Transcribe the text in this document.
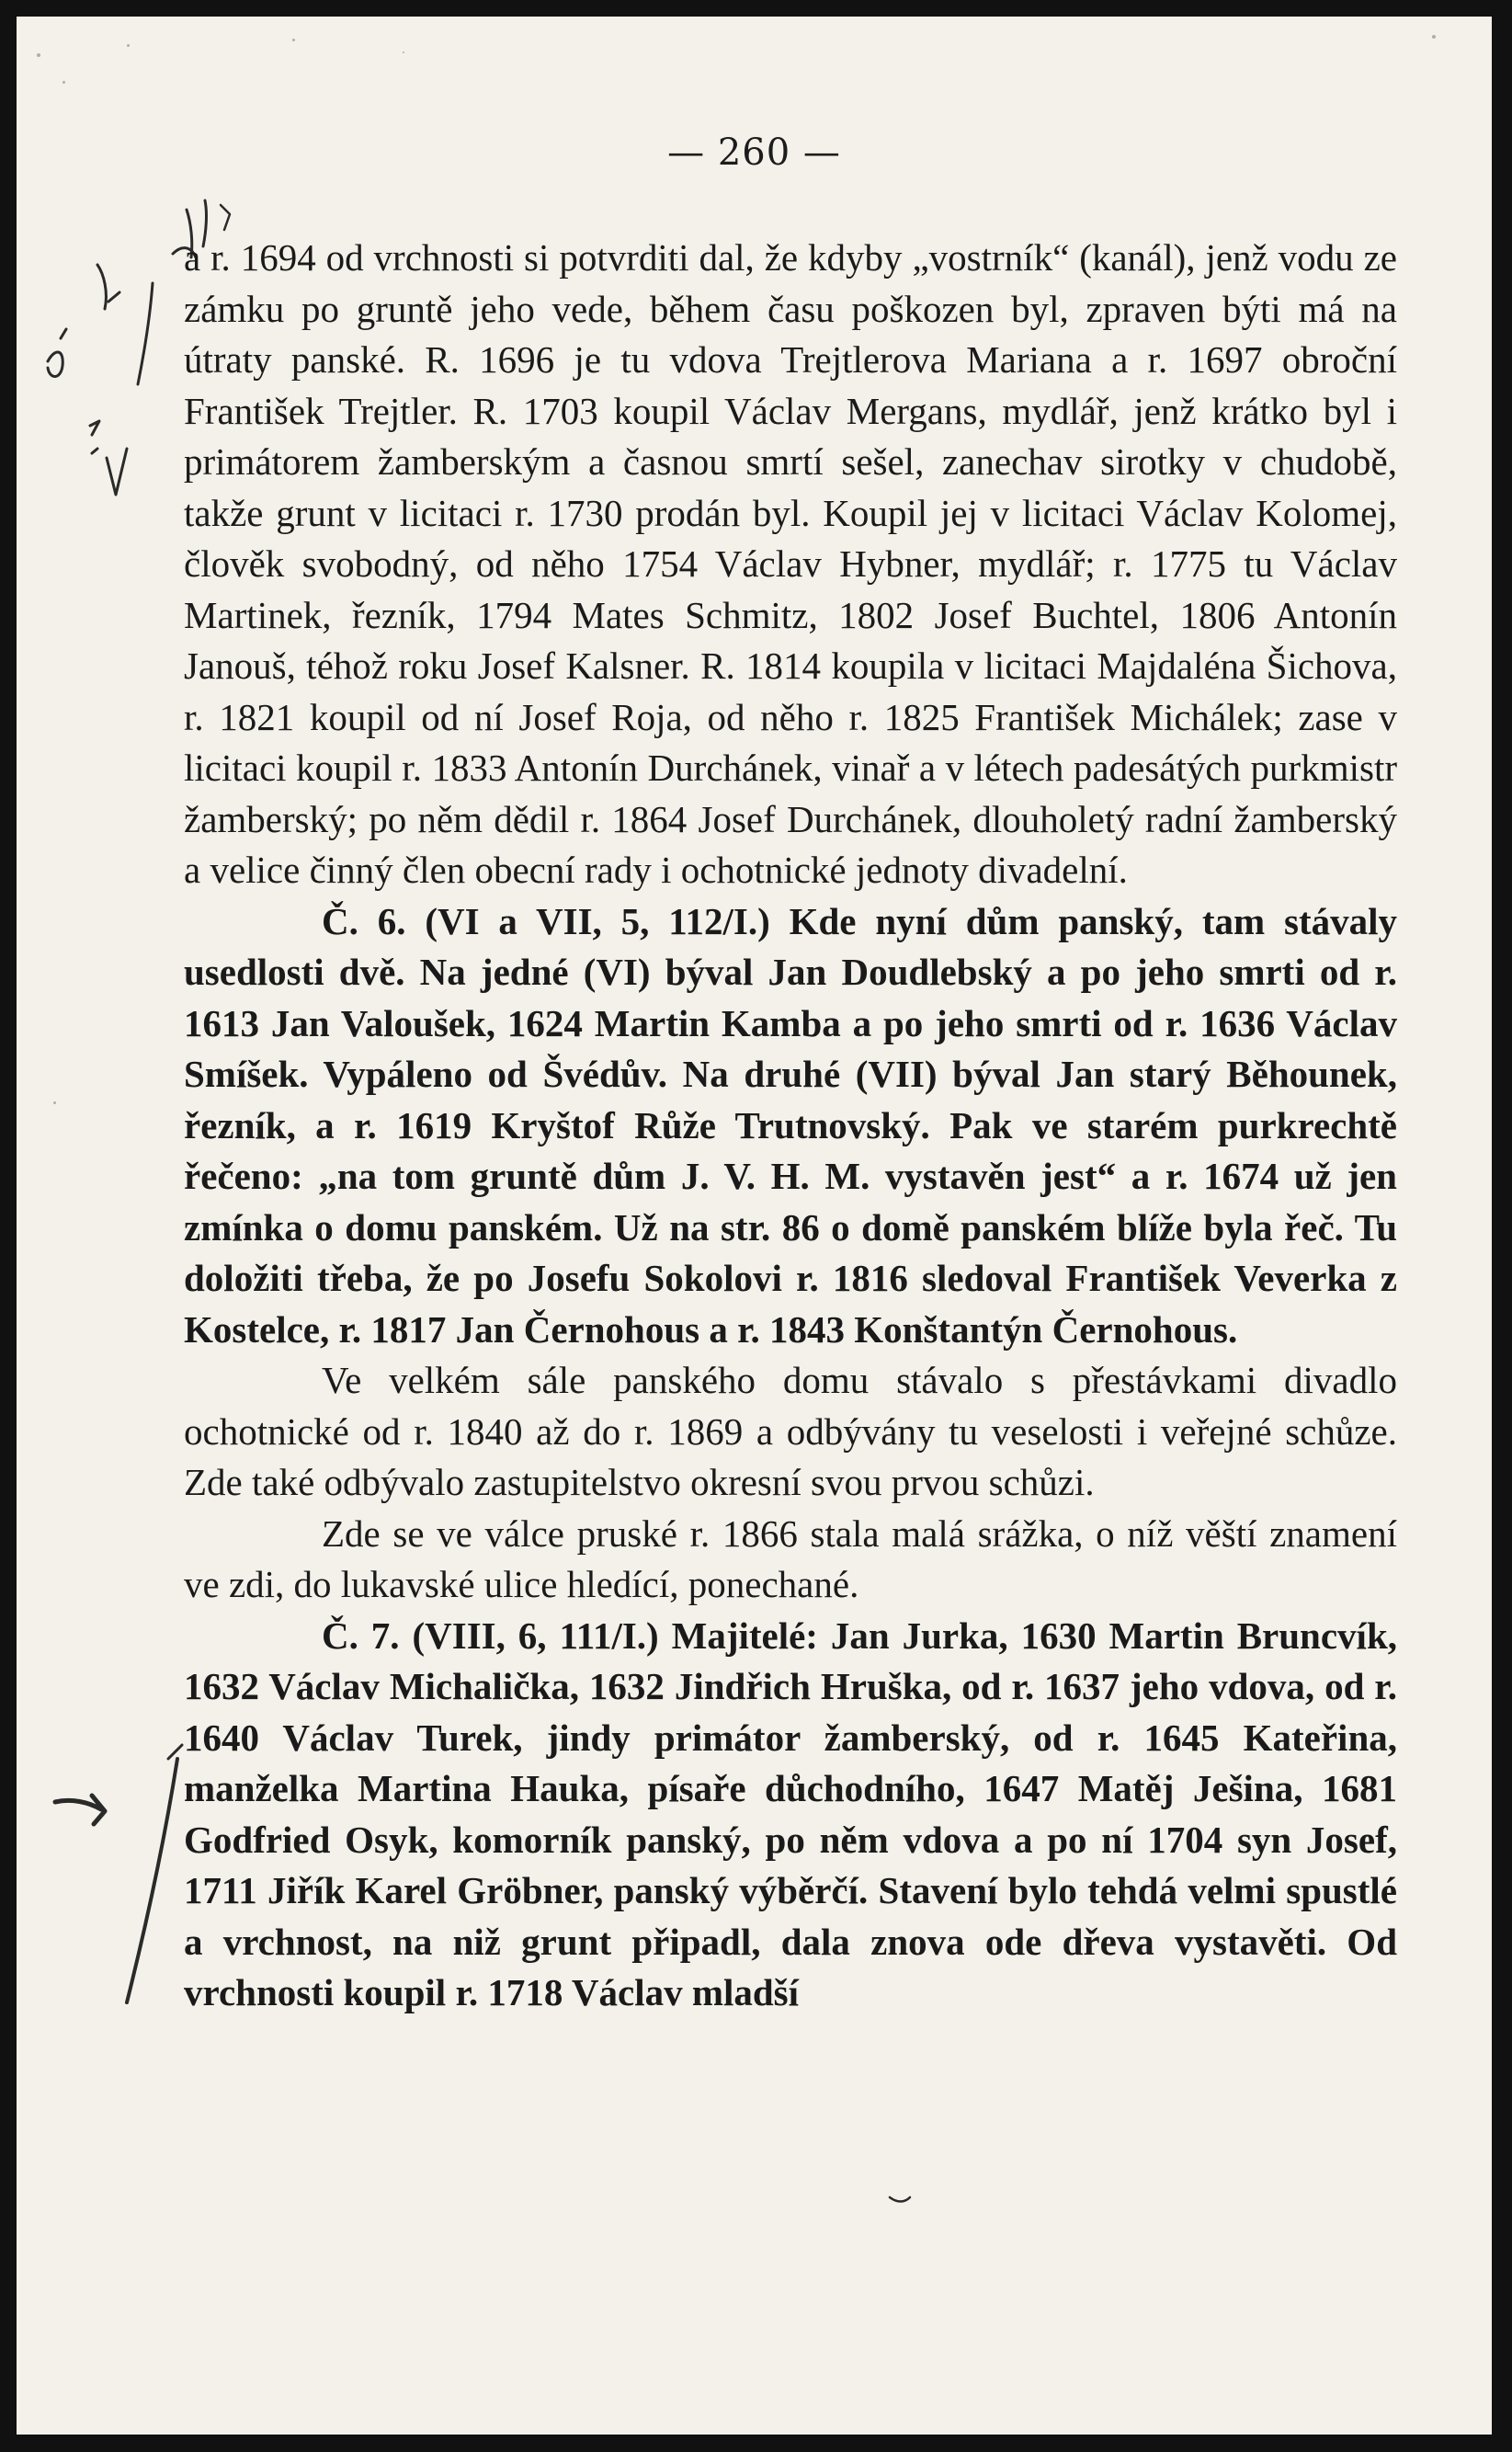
— 260 —

a r. 1694 od vrchnosti si potvrditi dal, že kdyby „vostrník“ (kanál), jenž vodu ze zámku po gruntě jeho vede, během času poškozen byl, zpraven býti má na útraty panské. R. 1696 je tu vdova Trejtlerova Mariana a r. 1697 obroční František Trejtler. R. 1703 koupil Václav Mergans, mydlář, jenž krátko byl i primátorem žamberským a časnou smrtí sešel, zanechav sirotky v chudobě, takže grunt v licitaci r. 1730 prodán byl. Koupil jej v licitaci Václav Kolomej, člověk svobodný, od něho 1754 Václav Hybner, mydlář; r. 1775 tu Václav Martinek, řezník, 1794 Mates Schmitz, 1802 Josef Buchtel, 1806 Antonín Janouš, téhož roku Josef Kalsner. R. 1814 koupila v licitaci Majdaléna Šichova, r. 1821 koupil od ní Josef Roja, od něho r. 1825 František Michálek; zase v licitaci koupil r. 1833 Antonín Durchánek, vinař a v létech padesátých purkmistr žamberský; po něm dědil r. 1864 Josef Durchánek, dlouholetý radní žamberský a velice činný člen obecní rady i ochotnické jednoty divadelní.

Č. 6. (VI a VII, 5, 112/I.) Kde nyní dům panský, tam stávaly usedlosti dvě. Na jedné (VI) býval Jan Doudlebský a po jeho smrti od r. 1613 Jan Valoušek, 1624 Martin Kamba a po jeho smrti od r. 1636 Václav Smíšek. Vypáleno od Švédův. Na druhé (VII) býval Jan starý Běhounek, řezník, a r. 1619 Kryštof Růže Trutnovský. Pak ve starém purkrechtě řečeno: „na tom gruntě dům J. V. H. M. vystavěn jest“ a r. 1674 už jen zmínka o domu panském. Už na str. 86 o domě panském blíže byla řeč. Tu doložiti třeba, že po Josefu Sokolovi r. 1816 sledoval František Veverka z Kostelce, r. 1817 Jan Černohous a r. 1843 Konštantýn Černohous.

Ve velkém sále panského domu stávalo s přestávkami divadlo ochotnické od r. 1840 až do r. 1869 a odbývány tu veselosti i veřejné schůze. Zde také odbývalo zastupitelstvo okresní svou prvou schůzi.

Zde se ve válce pruské r. 1866 stala malá srážka, o níž věští znamení ve zdi, do lukavské ulice hledící, ponechané.

Č. 7. (VIII, 6, 111/I.) Majitelé: Jan Jurka, 1630 Martin Bruncvík, 1632 Václav Michalička, 1632 Jindřich Hruška, od r. 1637 jeho vdova, od r. 1640 Václav Turek, jindy primátor žamberský, od r. 1645 Kateřina, manželka Martina Hauka, písaře důchodního, 1647 Matěj Ješina, 1681 Godfried Osyk, komorník panský, po něm vdova a po ní 1704 syn Josef, 1711 Jiřík Karel Gröbner, panský výběrčí. Stavení bylo tehdá velmi spustlé a vrchnost, na niž grunt připadl, dala znova ode dřeva vystavěti. Od vrchnosti koupil r. 1718 Václav mladší
